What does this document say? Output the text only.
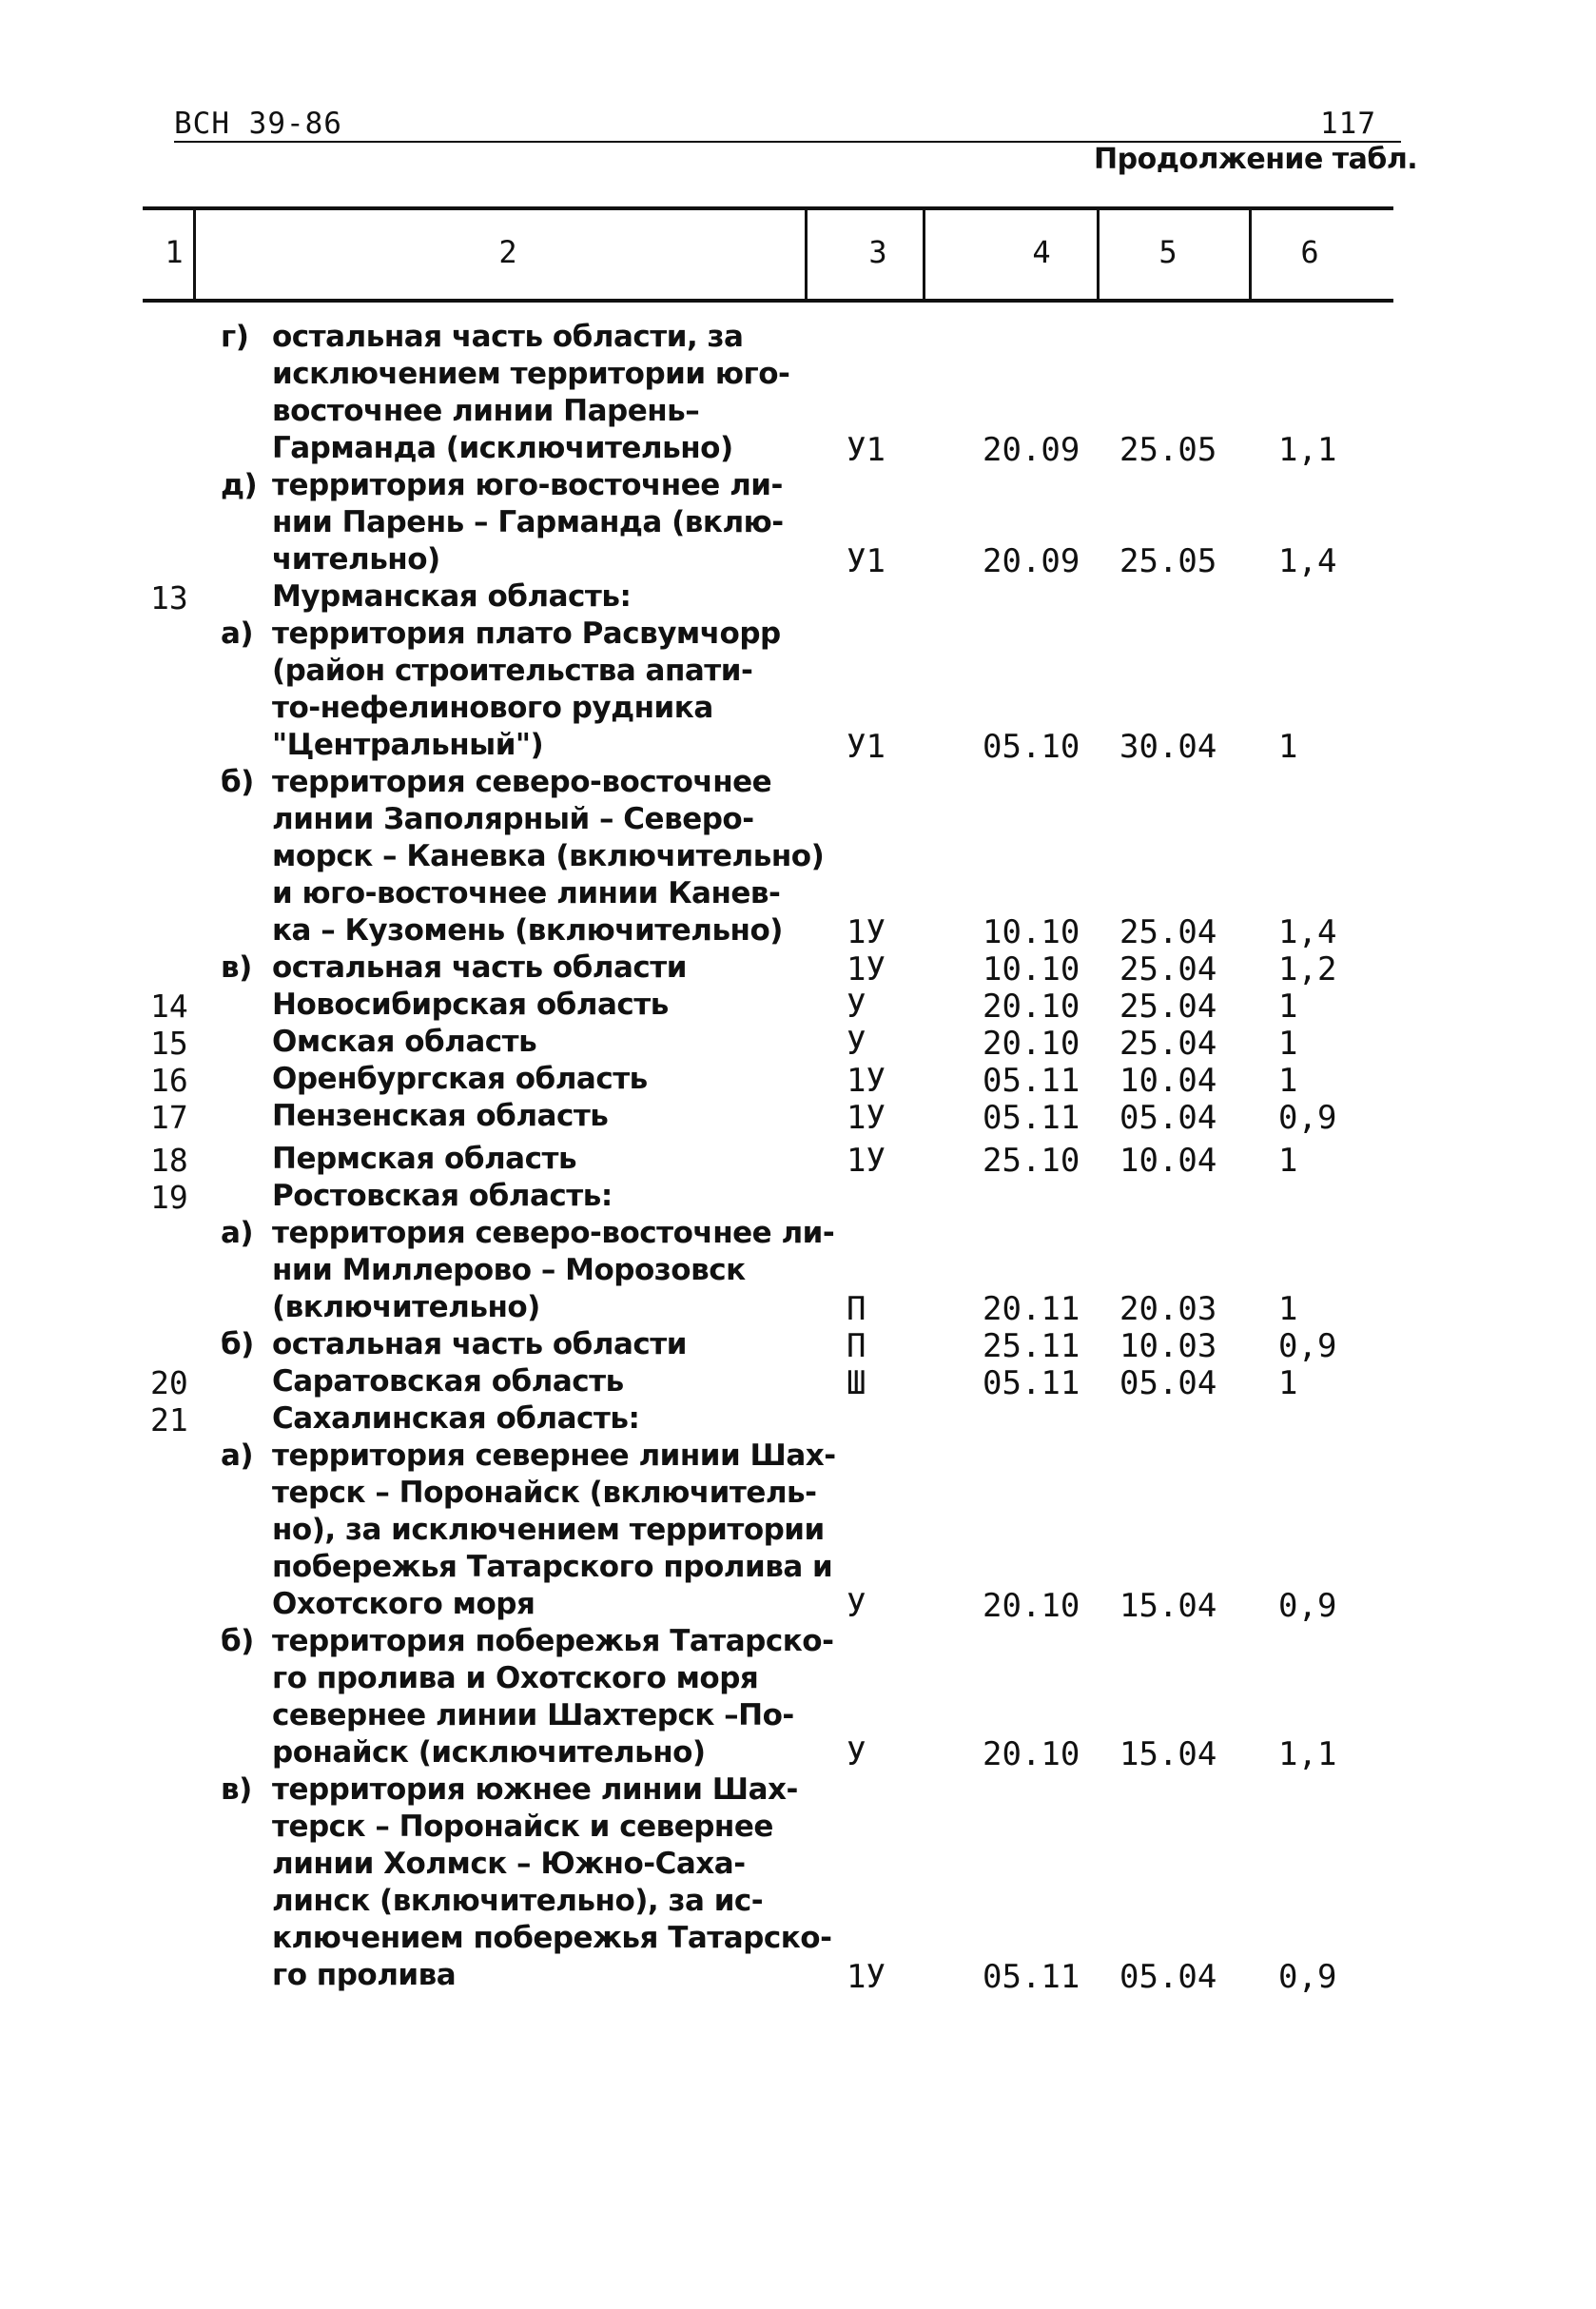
ВСН 39-86	117
Продолжение табл.
1	2	3	4	5	6
г) остальная часть области, за
исключением территории юго-
восточнее линии Парень–
Гарманда (исключительно)	У1	20.09 25.05 1,1
д) территория юго-восточнее ли-
нии Парень – Гарманда (вклю-
чительно)	У1	20.09 25.05 1,4
13	Мурманская область:
а) территория плато Расвумчорр
(район строительства апати-
то-нефелинового рудника
"Центральный")	У1	05.10 30.04 1
б) территория северо-восточнее
линии Заполярный – Северо-
морск – Каневка (включительно)
и юго-восточнее линии Канев-
ка – Кузомень (включительно) 1У	10.10 25.04 1,4
в) остальная часть области	1У	10.10 25.04 1,2
14	Новосибирская область	У	20.10 25.04 1
15	Омская область	У	20.10 25.04 1
16	Оренбургская область	1У	05.11 10.04 1
17	Пензенская область	1У	05.11 05.04 0,9
18	Пермская область	1У	25.10 10.04 1
19	Ростовская область:
а) территория северо-восточнее ли-
нии Миллерово – Морозовск
(включительно)	П	20.11 20.03 1
б) остальная часть области	П	25.11 10.03 0,9
20	Саратовская область	Ш	05.11 05.04 1
21	Сахалинская область:
а) территория севернее линии Шах-
терск – Поронайск (включитель-
но), за исключением территории
побережья Татарского пролива и
Охотского моря	У	20.10 15.04 0,9
б) территория побережья Татарско-
го пролива и Охотского моря
севернее линии Шахтерск –По-
ронайск (исключительно)	У	20.10 15.04 1,1
в) территория южнее линии Шах-
терск – Поронайск и севернее
линии Холмск – Южно-Саха-
линск (включительно), за ис-
ключением побережья Татарско-
го пролива	1У	05.11 05.04 0,9
